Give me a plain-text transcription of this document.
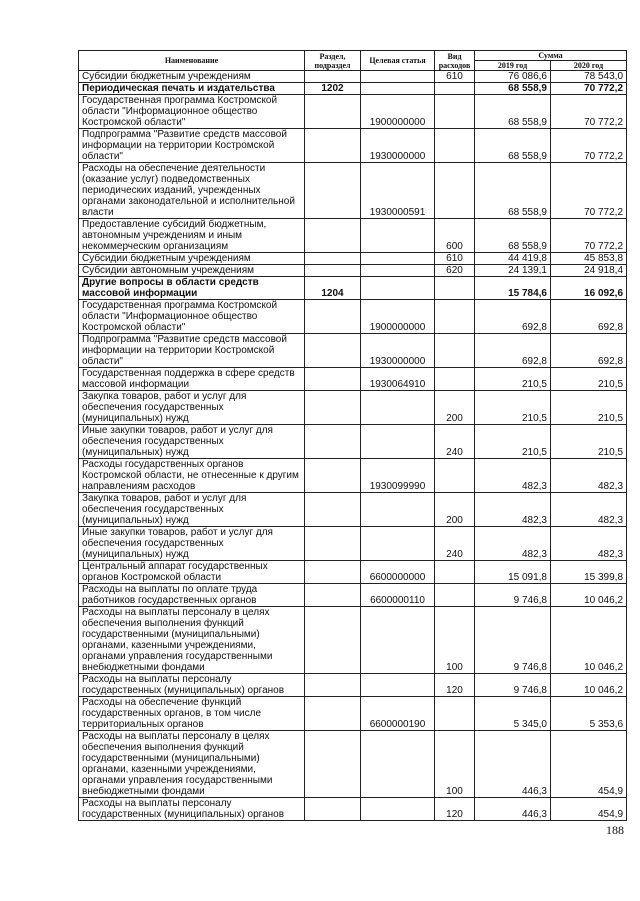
Наименование	Раздел, подраздел	Целевая статья	Вид расходов	Сумма	
				2019 год	2020 год
Субсидии бюджетным учреждениям			610	76 086,6	78 543,0
Периодическая печать и издательства	1202			68 558,9	70 772,2
Государственная программа Костромской области "Информационное общество Костромской области"		1900000000		68 558,9	70 772,2
Подпрограмма "Развитие средств массовой информации на территории Костромской области"		1930000000		68 558,9	70 772,2
Расходы на обеспечение деятельности (оказание услуг) подведомственных периодических изданий, учрежденных органами законодательной и исполнительной власти		1930000591		68 558,9	70 772,2
Предоставление субсидий бюджетным, автономным учреждениям и иным некоммерческим организациям			600	68 558,9	70 772,2
Субсидии бюджетным учреждениям			610	44 419,8	45 853,8
Субсидии автономным учреждениям			620	24 139,1	24 918,4
Другие вопросы в области средств массовой информации	1204			15 784,6	16 092,6
Государственная программа Костромской области "Информационное общество Костромской области"		1900000000		692,8	692,8
Подпрограмма "Развитие средств массовой информации на территории Костромской области"		1930000000		692,8	692,8
Государственная поддержка в сфере средств массовой информации		1930064910		210,5	210,5
Закупка товаров, работ и услуг для обеспечения государственных (муниципальных) нужд			200	210,5	210,5
Иные закупки товаров, работ и услуг для обеспечения государственных (муниципальных) нужд			240	210,5	210,5
Расходы государственных органов Костромской области, не отнесенные к другим направлениям расходов		1930099990		482,3	482,3
Закупка товаров, работ и услуг для обеспечения государственных (муниципальных) нужд			200	482,3	482,3
Иные закупки товаров, работ и услуг для обеспечения государственных (муниципальных) нужд			240	482,3	482,3
Центральный аппарат государственных органов Костромской области		6600000000		15 091,8	15 399,8
Расходы на выплаты по оплате труда работников государственных органов		6600000110		9 746,8	10 046,2
Расходы на выплаты персоналу в целях обеспечения выполнения функций государственными (муниципальными) органами, казенными учреждениями, органами управления государственными внебюджетными фондами			100	9 746,8	10 046,2
Расходы на выплаты персоналу государственных (муниципальных) органов			120	9 746,8	10 046,2
Расходы на обеспечение функций государственных органов, в том числе территориальных органов		6600000190		5 345,0	5 353,6
Расходы на выплаты персоналу в целях обеспечения выполнения функций государственными (муниципальными) органами, казенными учреждениями, органами управления государственными внебюджетными фондами			100	446,3	454,9
Расходы на выплаты персоналу государственных (муниципальных) органов			120	446,3	454,9
188
